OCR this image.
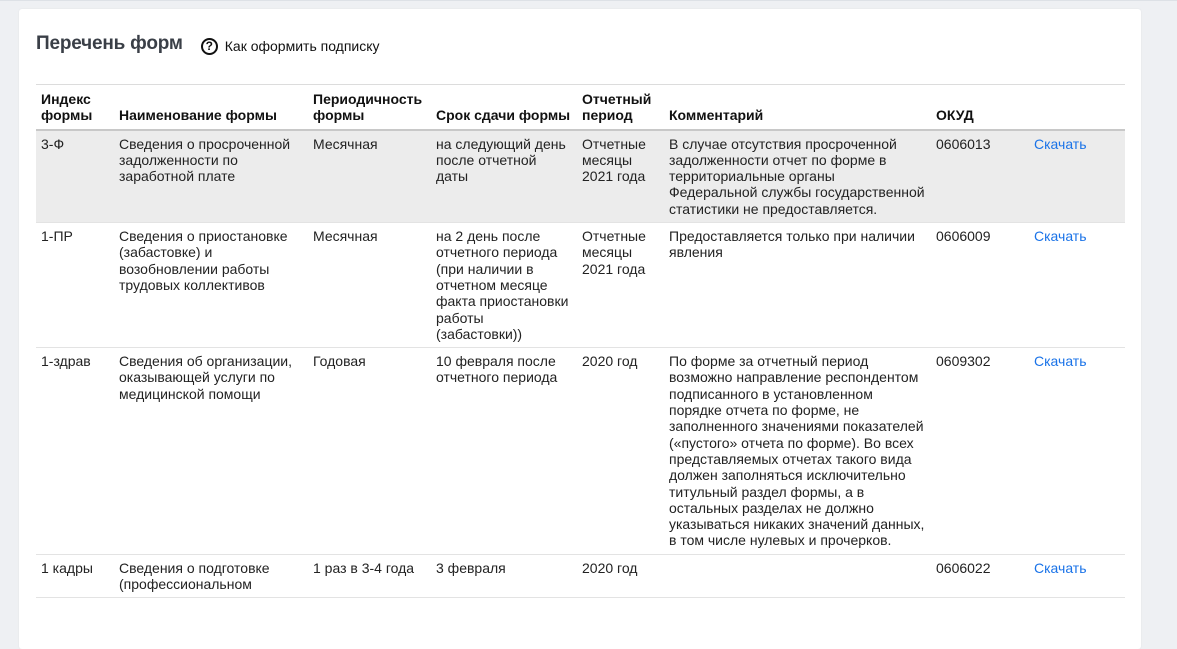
Перечень форм	? Как оформить подписку
Индекс формы	Наименование формы	Периодичность формы	Срок сдачи формы	Отчетный период	Комментарий	ОКУД	
3-Ф	Сведения о просроченной задолженности по заработной плате	Месячная	на следующий день после отчетной даты	Отчетные месяцы 2021 года	В случае отсутствия просроченной задолженности отчет по форме в территориальные органы Федеральной службы государственной статистики не предоставляется.	0606013	Скачать
1-ПР	Сведения о приостановке (забастовке) и возобновлении работы трудовых коллективов	Месячная	на 2 день после отчетного периода (при наличии в отчетном месяце факта приостановки работы (забастовки))	Отчетные месяцы 2021 года	Предоставляется только при наличии явления	0606009	Скачать
1-здрав	Сведения об организации, оказывающей услуги по медицинской помощи	Годовая	10 февраля после отчетного периода	2020 год	По форме за отчетный период возможно направление респондентом подписанного в установленном порядке отчета по форме, не заполненного значениями показателей («пустого» отчета по форме). Во всех представляемых отчетах такого вида должен заполняться исключительно титульный раздел формы, а в остальных разделах не должно указываться никаких значений данных, в том числе нулевых и прочерков.	0609302	Скачать
1 кадры	Сведения о подготовке (профессиональном	1 раз в 3-4 года	3 февраля	2020 год		0606022	Скачать
